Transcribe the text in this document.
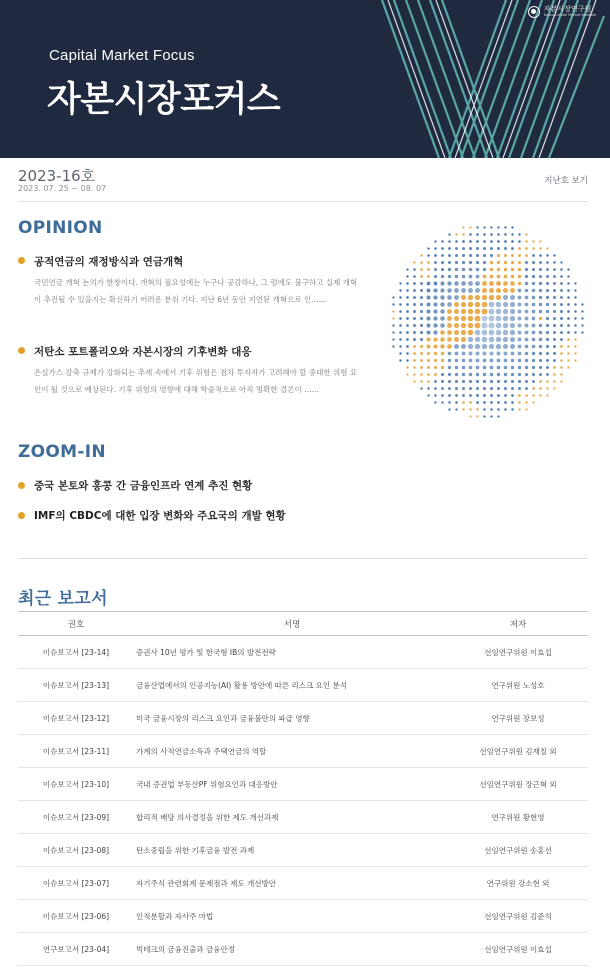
자본시장연구원
Korea Capital Market Institute
Capital Market Focus
자본시장포커스
2023-16호
2023. 07. 25 ~ 08. 07
지난호 보기
OPINION
공적연금의 재정방식과 연금개혁
국민연금 개혁 논의가 한창이다. 개혁의 필요성에는 누구나 공감하나, 그 럼에도 불구하고 실제 개혁이 추진될 수 있을지는 확신하기 어려운 분위 기다. 지난 6년 동안 지연된 개혁으로 인……
저탄소 포트폴리오와 자본시장의 기후변화 대응
온실가스 감축 규제가 강화되는 추세 속에서 기후 위험은 점차 투자자가 고려해야 할 중대한 위험 요인이 될 것으로 예상된다. 기후 위험의 영향에 대해 학술적으로 아직 명확한 결론이 ……
ZOOM-IN
중국 본토와 홍콩 간 금융인프라 연계 추진 현황
IMF의 CBDC에 대한 입장 변화와 주요국의 개발 현황
최근 보고서
권호	서명	저자
이슈보고서 [23-14]	증권사 10년 평가 및 한국형 IB의 발전전략	선임연구위원 이효섭
이슈보고서 [23-13]	금융산업에서의 인공지능(AI) 활용 방안에 따른 리스크 요인 분석	연구위원 노성호
이슈보고서 [23-12]	미국 금융시장의 리스크 요인과 금융불안의 파급 영향	연구위원 장보성
이슈보고서 [23-11]	가계의 사적연금소득과 주택연금의 역할	선임연구위원 김재칠 외
이슈보고서 [23-10]	국내 증권업 부동산PF 위험요인과 대응방안	선임연구위원 장근혁 외
이슈보고서 [23-09]	합리적 배당 의사결정을 위한 제도 개선과제	연구위원 황현영
이슈보고서 [23-08]	탄소중립을 위한 기후금융 발전 과제	선임연구위원 송홍선
이슈보고서 [23-07]	자기주식 관련회계 문제점과 제도 개선방안	연구위원 강소현 외
이슈보고서 [23-06]	인적분할과 자사주 마법	선임연구위원 김준석
연구보고서 [23-04]	빅테크의 금융진출과 금융안정	선임연구위원 이효섭
